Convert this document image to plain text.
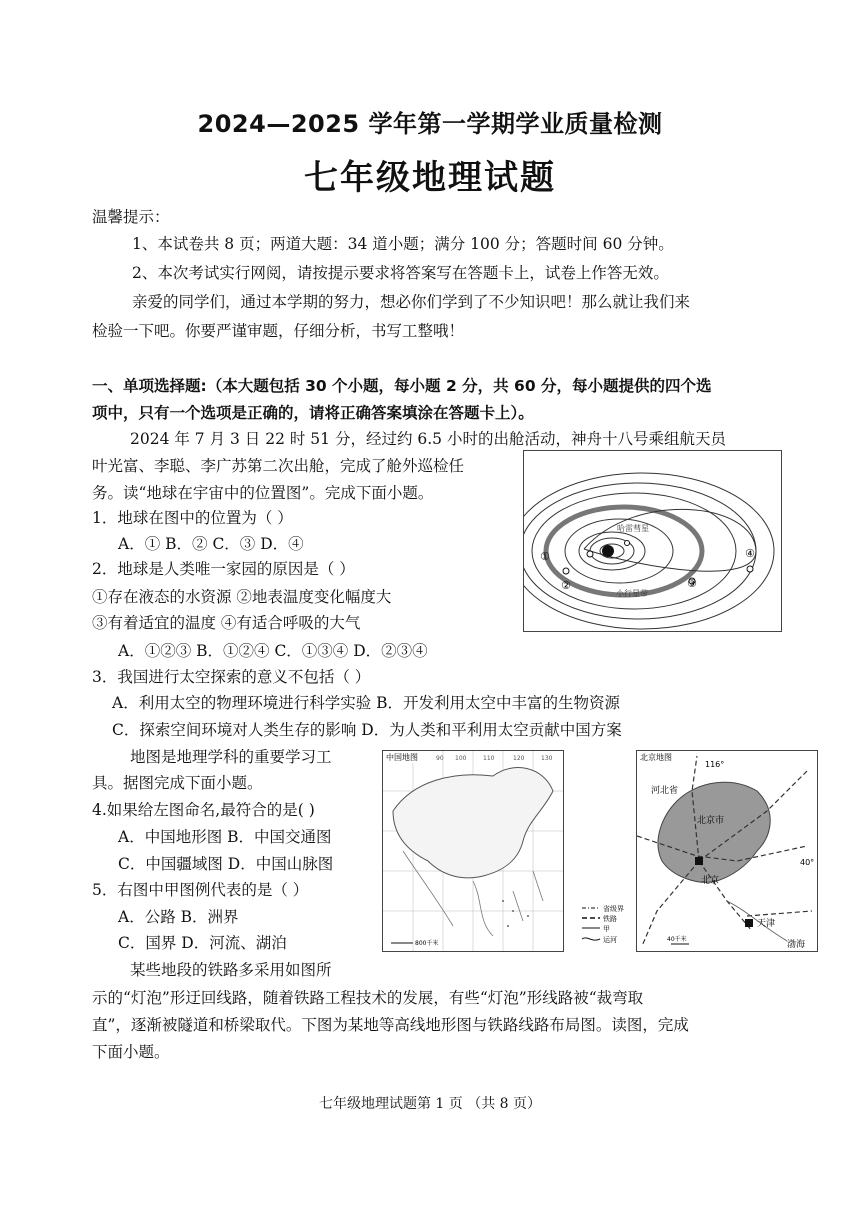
2024—2025 学年第一学期学业质量检测
七年级地理试题
温馨提示：
1、本试卷共 8 页；两道大题：34 道小题；满分 100 分；答题时间 60 分钟。
2、本次考试实行网阅，请按提示要求将答案写在答题卡上，试卷上作答无效。
亲爱的同学们，通过本学期的努力，想必你们学到了不少知识吧！那么就让我们来
检验一下吧。你要严谨审题，仔细分析，书写工整哦！
一、单项选择题:（本大题包括 30 个小题，每小题 2 分，共 60 分，每小题提供的四个选
项中，只有一个选项是正确的，请将正确答案填涂在答题卡上）。
2024 年 7 月 3 日 22 时 51 分，经过约 6.5 小时的出舱活动，神舟十八号乘组航天员
叶光富、李聪、李广苏第二次出舱，完成了舱外巡检任
务。读“地球在宇宙中的位置图”。完成下面小题。
1．地球在图中的位置为（ ）
A．① B．② C．③ D．④
2．地球是人类唯一家园的原因是（ ）
①存在液态的水资源 ②地表温度变化幅度大
③有着适宜的温度 ④有适合呼吸的大气
A．①②③ B．①②④ C．①③④ D．②③④
3．我国进行太空探索的意义不包括（ ）
A．利用太空的物理环境进行科学实验 B．开发利用太空中丰富的生物资源
C．探索空间环境对人类生存的影响 D．为人类和平利用太空贡献中国方案
地图是地理学科的重要学习工
具。据图完成下面小题。
4.如果给左图命名,最符合的是( )
A．中国地形图 B．中国交通图
C．中国疆域图 D．中国山脉图
5．右图中甲图例代表的是（ ）
A．公路 B．洲界
C．国界 D．河流、湖泊
某些地段的铁路多采用如图所
示的“灯泡”形迂回线路，随着铁路工程技术的发展，有些“灯泡”形线路被“裁弯取
直”，逐渐被隧道和桥梁取代。下图为某地等高线地形图与铁路线路布局图。读图，完成
下面小题。
七年级地理试题第 1 页 （共 8 页）
哈雷彗星
小行星带
①
②	③
④
中国地图	90 100	110	120	130
800千米
北京地图
116°
40°
河北省
北京市
北京
天津
渤海
40千米
省级界
铁路
甲
运河
